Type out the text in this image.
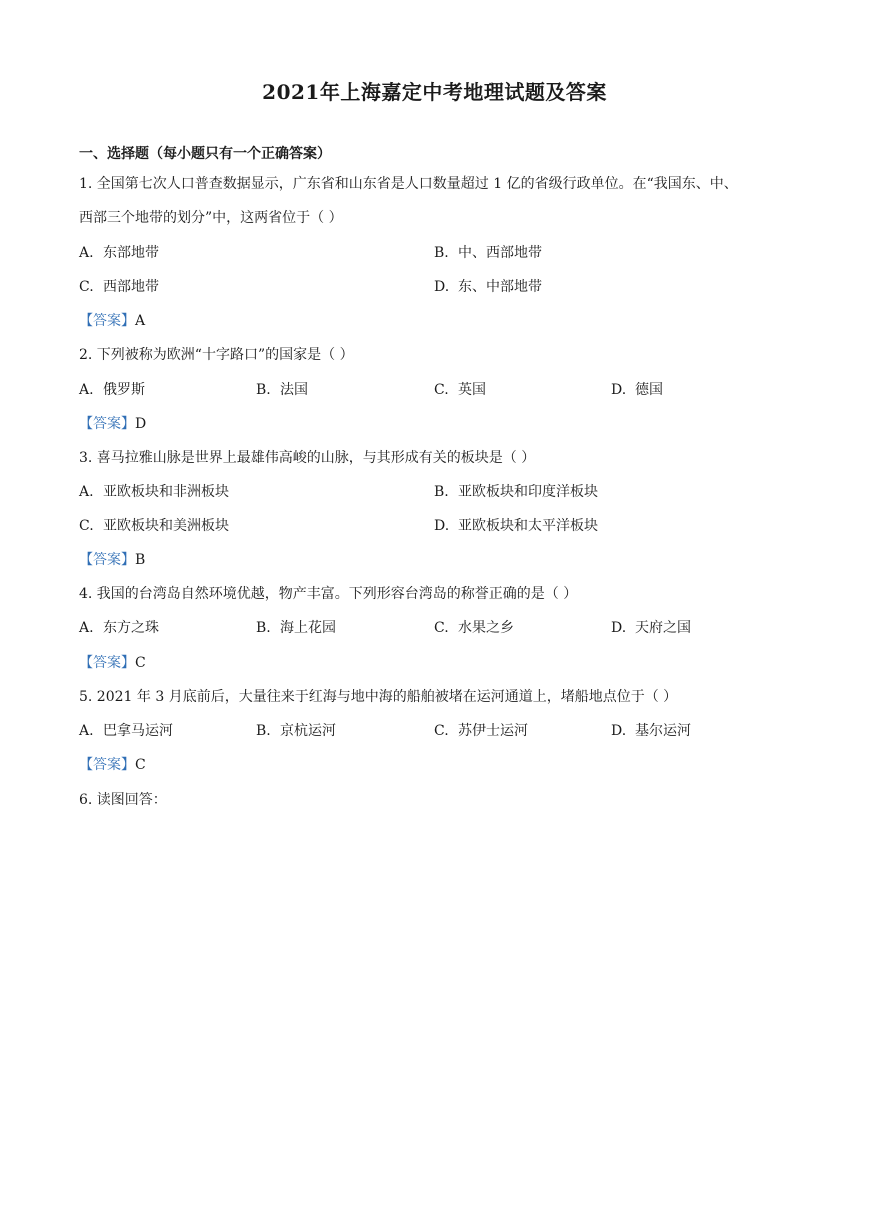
2021年上海嘉定中考地理试题及答案
一、选择题（每小题只有一个正确答案）
1. 全国第七次人口普查数据显示，广东省和山东省是人口数量超过 1 亿的省级行政单位。在“我国东、中、
西部三个地带的划分”中，这两省位于（ ）
A. 东部地带	B. 中、西部地带
C. 西部地带	D. 东、中部地带
【答案】A
2. 下列被称为欧洲“十字路口”的国家是（ ）
A. 俄罗斯	B. 法国	C. 英国	D. 德国
【答案】D
3. 喜马拉雅山脉是世界上最雄伟高峻的山脉，与其形成有关的板块是（ ）
A. 亚欧板块和非洲板块	B. 亚欧板块和印度洋板块
C. 亚欧板块和美洲板块	D. 亚欧板块和太平洋板块
【答案】B
4. 我国的台湾岛自然环境优越，物产丰富。下列形容台湾岛的称誉正确的是（ ）
A. 东方之珠	B. 海上花园	C. 水果之乡	D. 天府之国
【答案】C
5. 2021 年 3 月底前后，大量往来于红海与地中海的船舶被堵在运河通道上，堵船地点位于（ ）
A. 巴拿马运河	B. 京杭运河	C. 苏伊士运河	D. 基尔运河
【答案】C
6. 读图回答：
